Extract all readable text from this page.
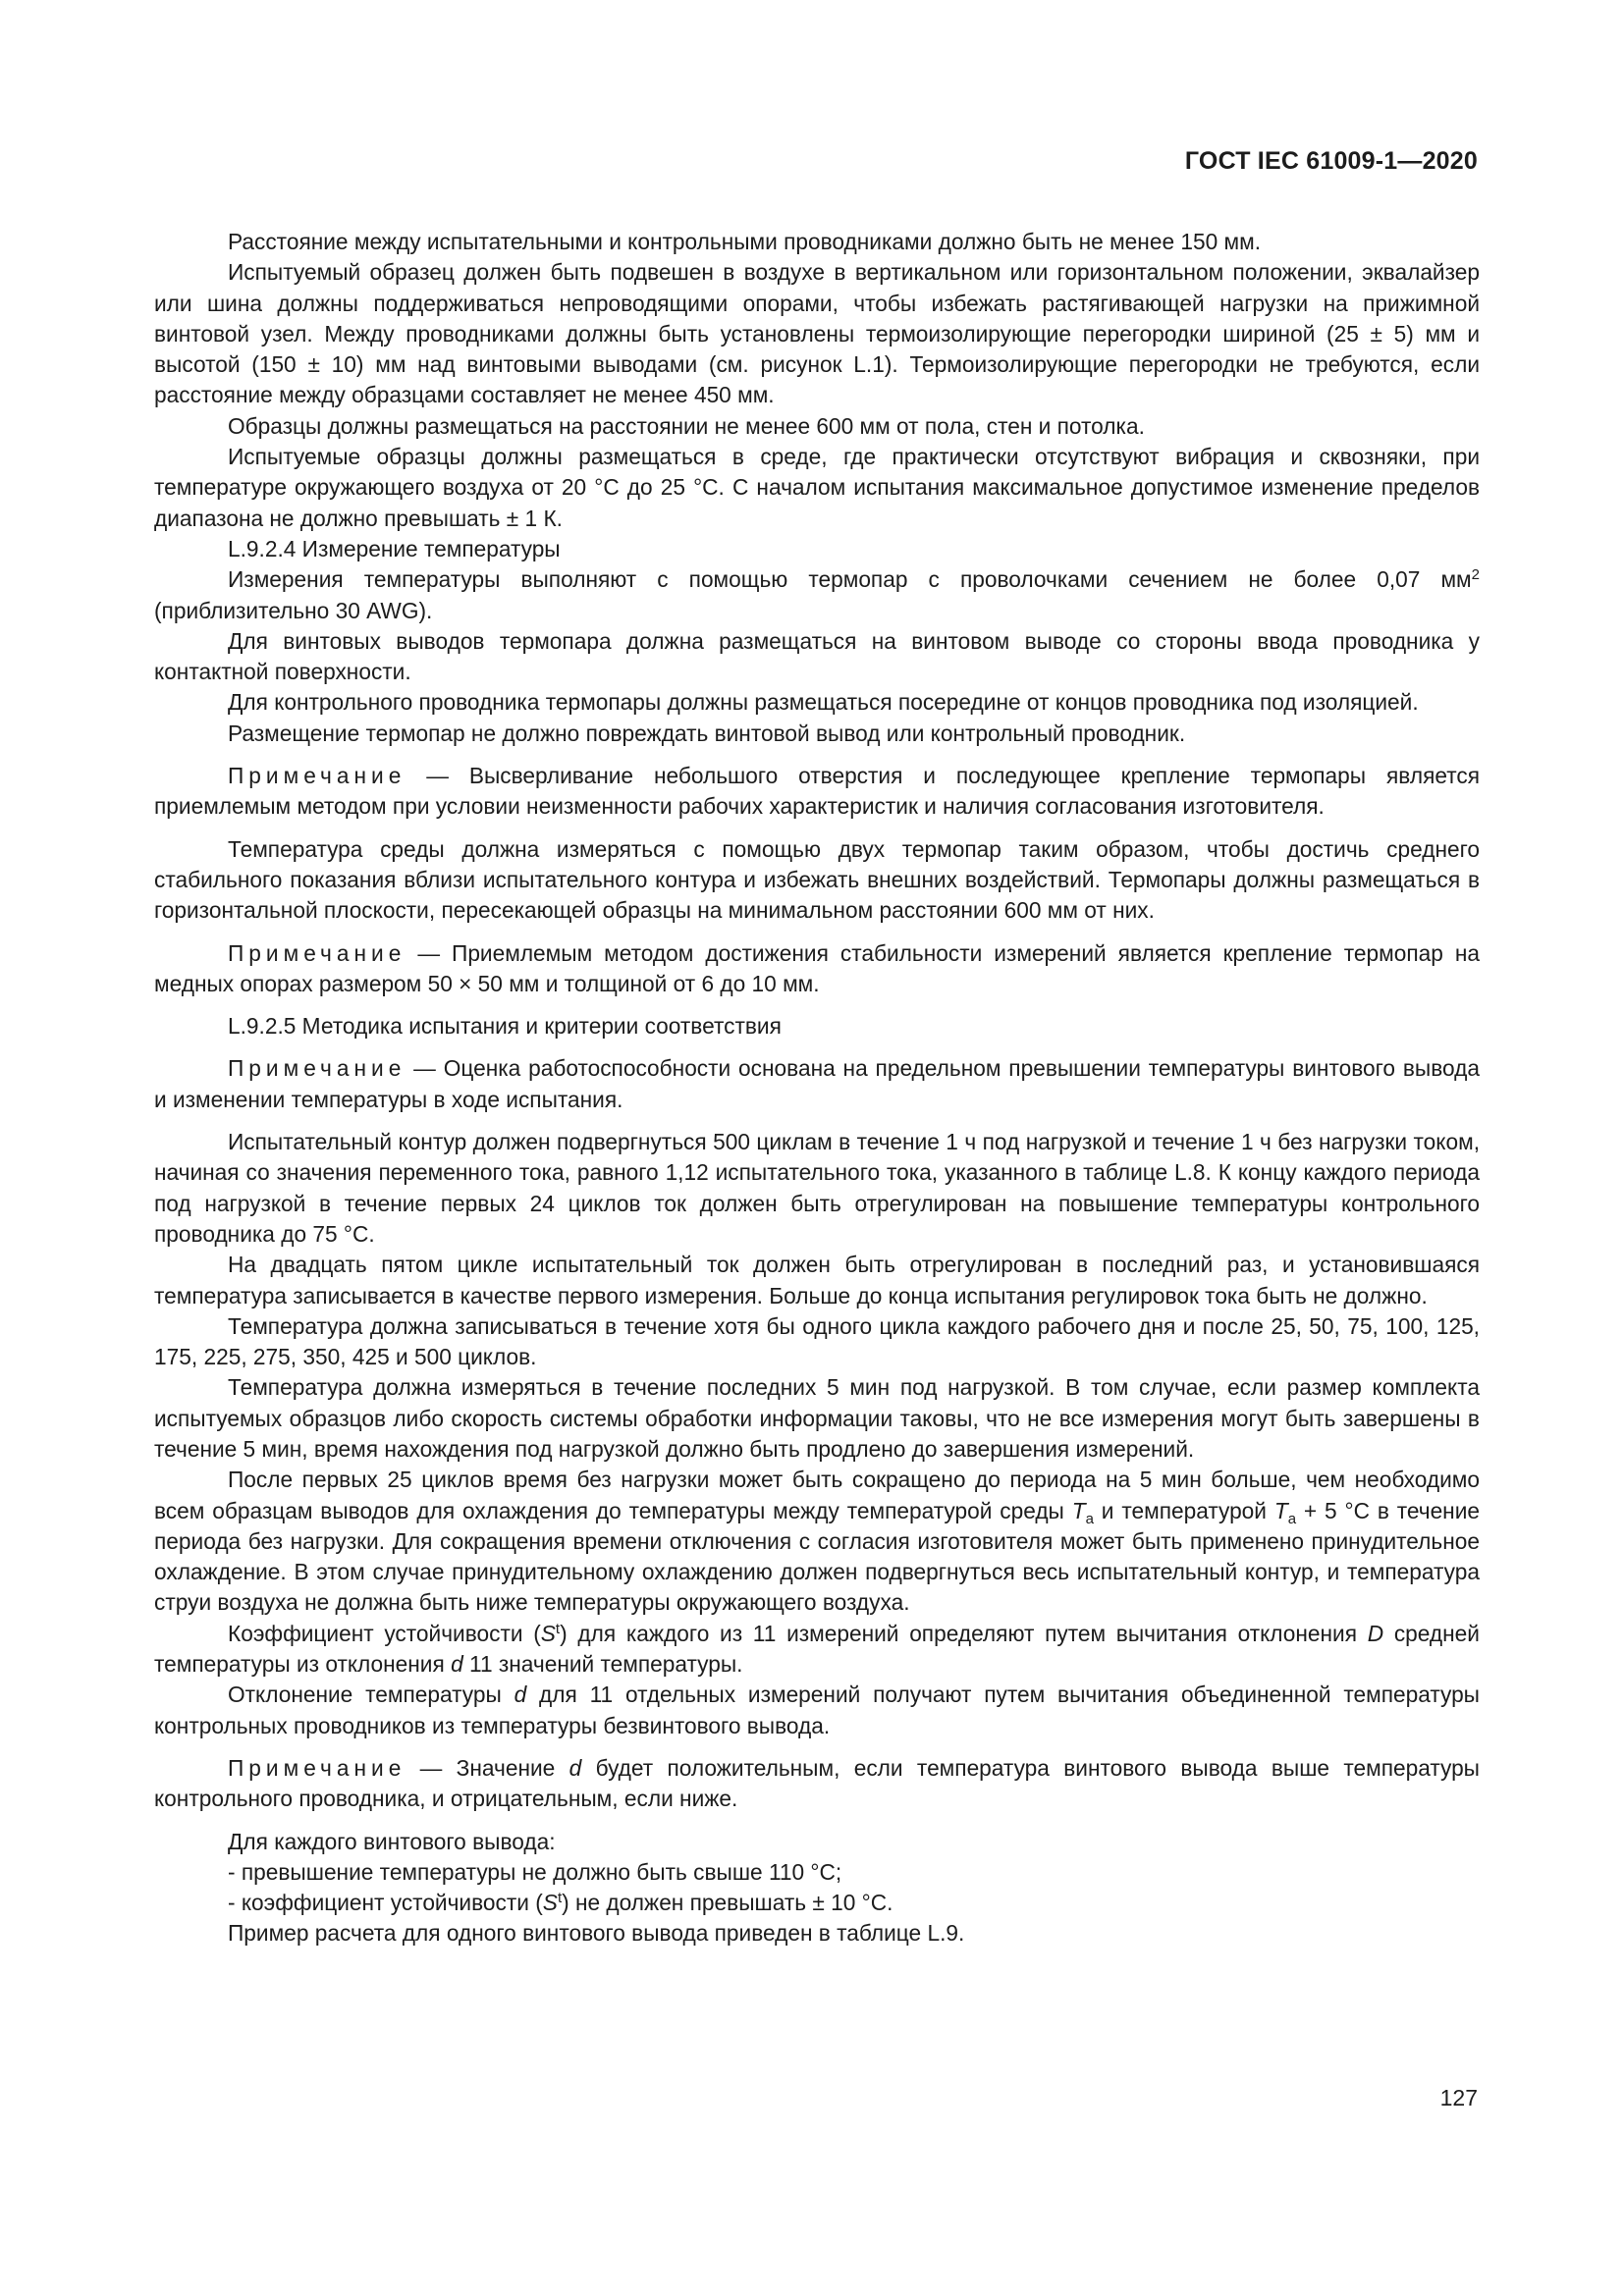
ГОСТ IEC 61009-1—2020

Расстояние между испытательными и контрольными проводниками должно быть не менее 150 мм.

Испытуемый образец должен быть подвешен в воздухе в вертикальном или горизонтальном положении, эквалайзер или шина должны поддерживаться непроводящими опорами, чтобы избежать растягивающей нагрузки на прижимной винтовой узел. Между проводниками должны быть установлены термоизолирующие перегородки шириной (25 ± 5) мм и высотой (150 ± 10) мм над винтовыми выводами (см. рисунок L.1). Термоизолирующие перегородки не требуются, если расстояние между образцами составляет не менее 450 мм.

Образцы должны размещаться на расстоянии не менее 600 мм от пола, стен и потолка.

Испытуемые образцы должны размещаться в среде, где практически отсутствуют вибрация и сквозняки, при температуре окружающего воздуха от 20 °С до 25 °С. С началом испытания максимальное допустимое изменение пределов диапазона не должно превышать ± 1 К.

L.9.2.4 Измерение температуры

Измерения температуры выполняют с помощью термопар с проволочками сечением не более 0,07 $мм^2$ (приблизительно 30 AWG).

Для винтовых выводов термопара должна размещаться на винтовом выводе со стороны ввода проводника у контактной поверхности.

Для контрольного проводника термопары должны размещаться посередине от концов проводника под изоляцией.

Размещение термопар не должно повреждать винтовой вывод или контрольный проводник.

Примечание — Высверливание небольшого отверстия и последующее крепление термопары является приемлемым методом при условии неизменности рабочих характеристик и наличия согласования изготовителя.

Температура среды должна измеряться с помощью двух термопар таким образом, чтобы достичь среднего стабильного показания вблизи испытательного контура и избежать внешних воздействий. Термопары должны размещаться в горизонтальной плоскости, пересекающей образцы на минимальном расстоянии 600 мм от них.

Примечание — Приемлемым методом достижения стабильности измерений является крепление термопар на медных опорах размером 50 × 50 мм и толщиной от 6 до 10 мм.

L.9.2.5 Методика испытания и критерии соответствия

Примечание — Оценка работоспособности основана на предельном превышении температуры винтового вывода и изменении температуры в ходе испытания.

Испытательный контур должен подвергнуться 500 циклам в течение 1 ч под нагрузкой и течение 1 ч без нагрузки током, начиная со значения переменного тока, равного 1,12 испытательного тока, указанного в таблице L.8. К концу каждого периода под нагрузкой в течение первых 24 циклов ток должен быть отрегулирован на повышение температуры контрольного проводника до 75 °С.

На двадцать пятом цикле испытательный ток должен быть отрегулирован в последний раз, и установившаяся температура записывается в качестве первого измерения. Больше до конца испытания регулировок тока быть не должно.

Температура должна записываться в течение хотя бы одного цикла каждого рабочего дня и после 25, 50, 75, 100, 125, 175, 225, 275, 350, 425 и 500 циклов.

Температура должна измеряться в течение последних 5 мин под нагрузкой. В том случае, если размер комплекта испытуемых образцов либо скорость системы обработки информации таковы, что не все измерения могут быть завершены в течение 5 мин, время нахождения под нагрузкой должно быть продлено до завершения измерений.

После первых 25 циклов время без нагрузки может быть сокращено до периода на 5 мин больше, чем необходимо всем образцам выводов для охлаждения до температуры между температурой среды $T_a$ и температурой $T_a + 5$ °С в течение периода без нагрузки. Для сокращения времени отключения с согласия изготовителя может быть применено принудительное охлаждение. В этом случае принудительному охлаждению должен подвергнуться весь испытательный контур, и температура струи воздуха не должна быть ниже температуры окружающего воздуха.

Коэффициент устойчивости $(S^t)$ для каждого из 11 измерений определяют путем вычитания отклонения D средней температуры из отклонения d 11 значений температуры.

Отклонение температуры d для 11 отдельных измерений получают путем вычитания объединенной температуры контрольных проводников из температуры безвинтового вывода.

Примечание — Значение d будет положительным, если температура винтового вывода выше температуры контрольного проводника, и отрицательным, если ниже.

Для каждого винтового вывода:

- превышение температуры не должно быть свыше 110 °С;

- коэффициент устойчивости $(S^t)$ не должен превышать ± 10 °С.

Пример расчета для одного винтового вывода приведен в таблице L.9.

127
